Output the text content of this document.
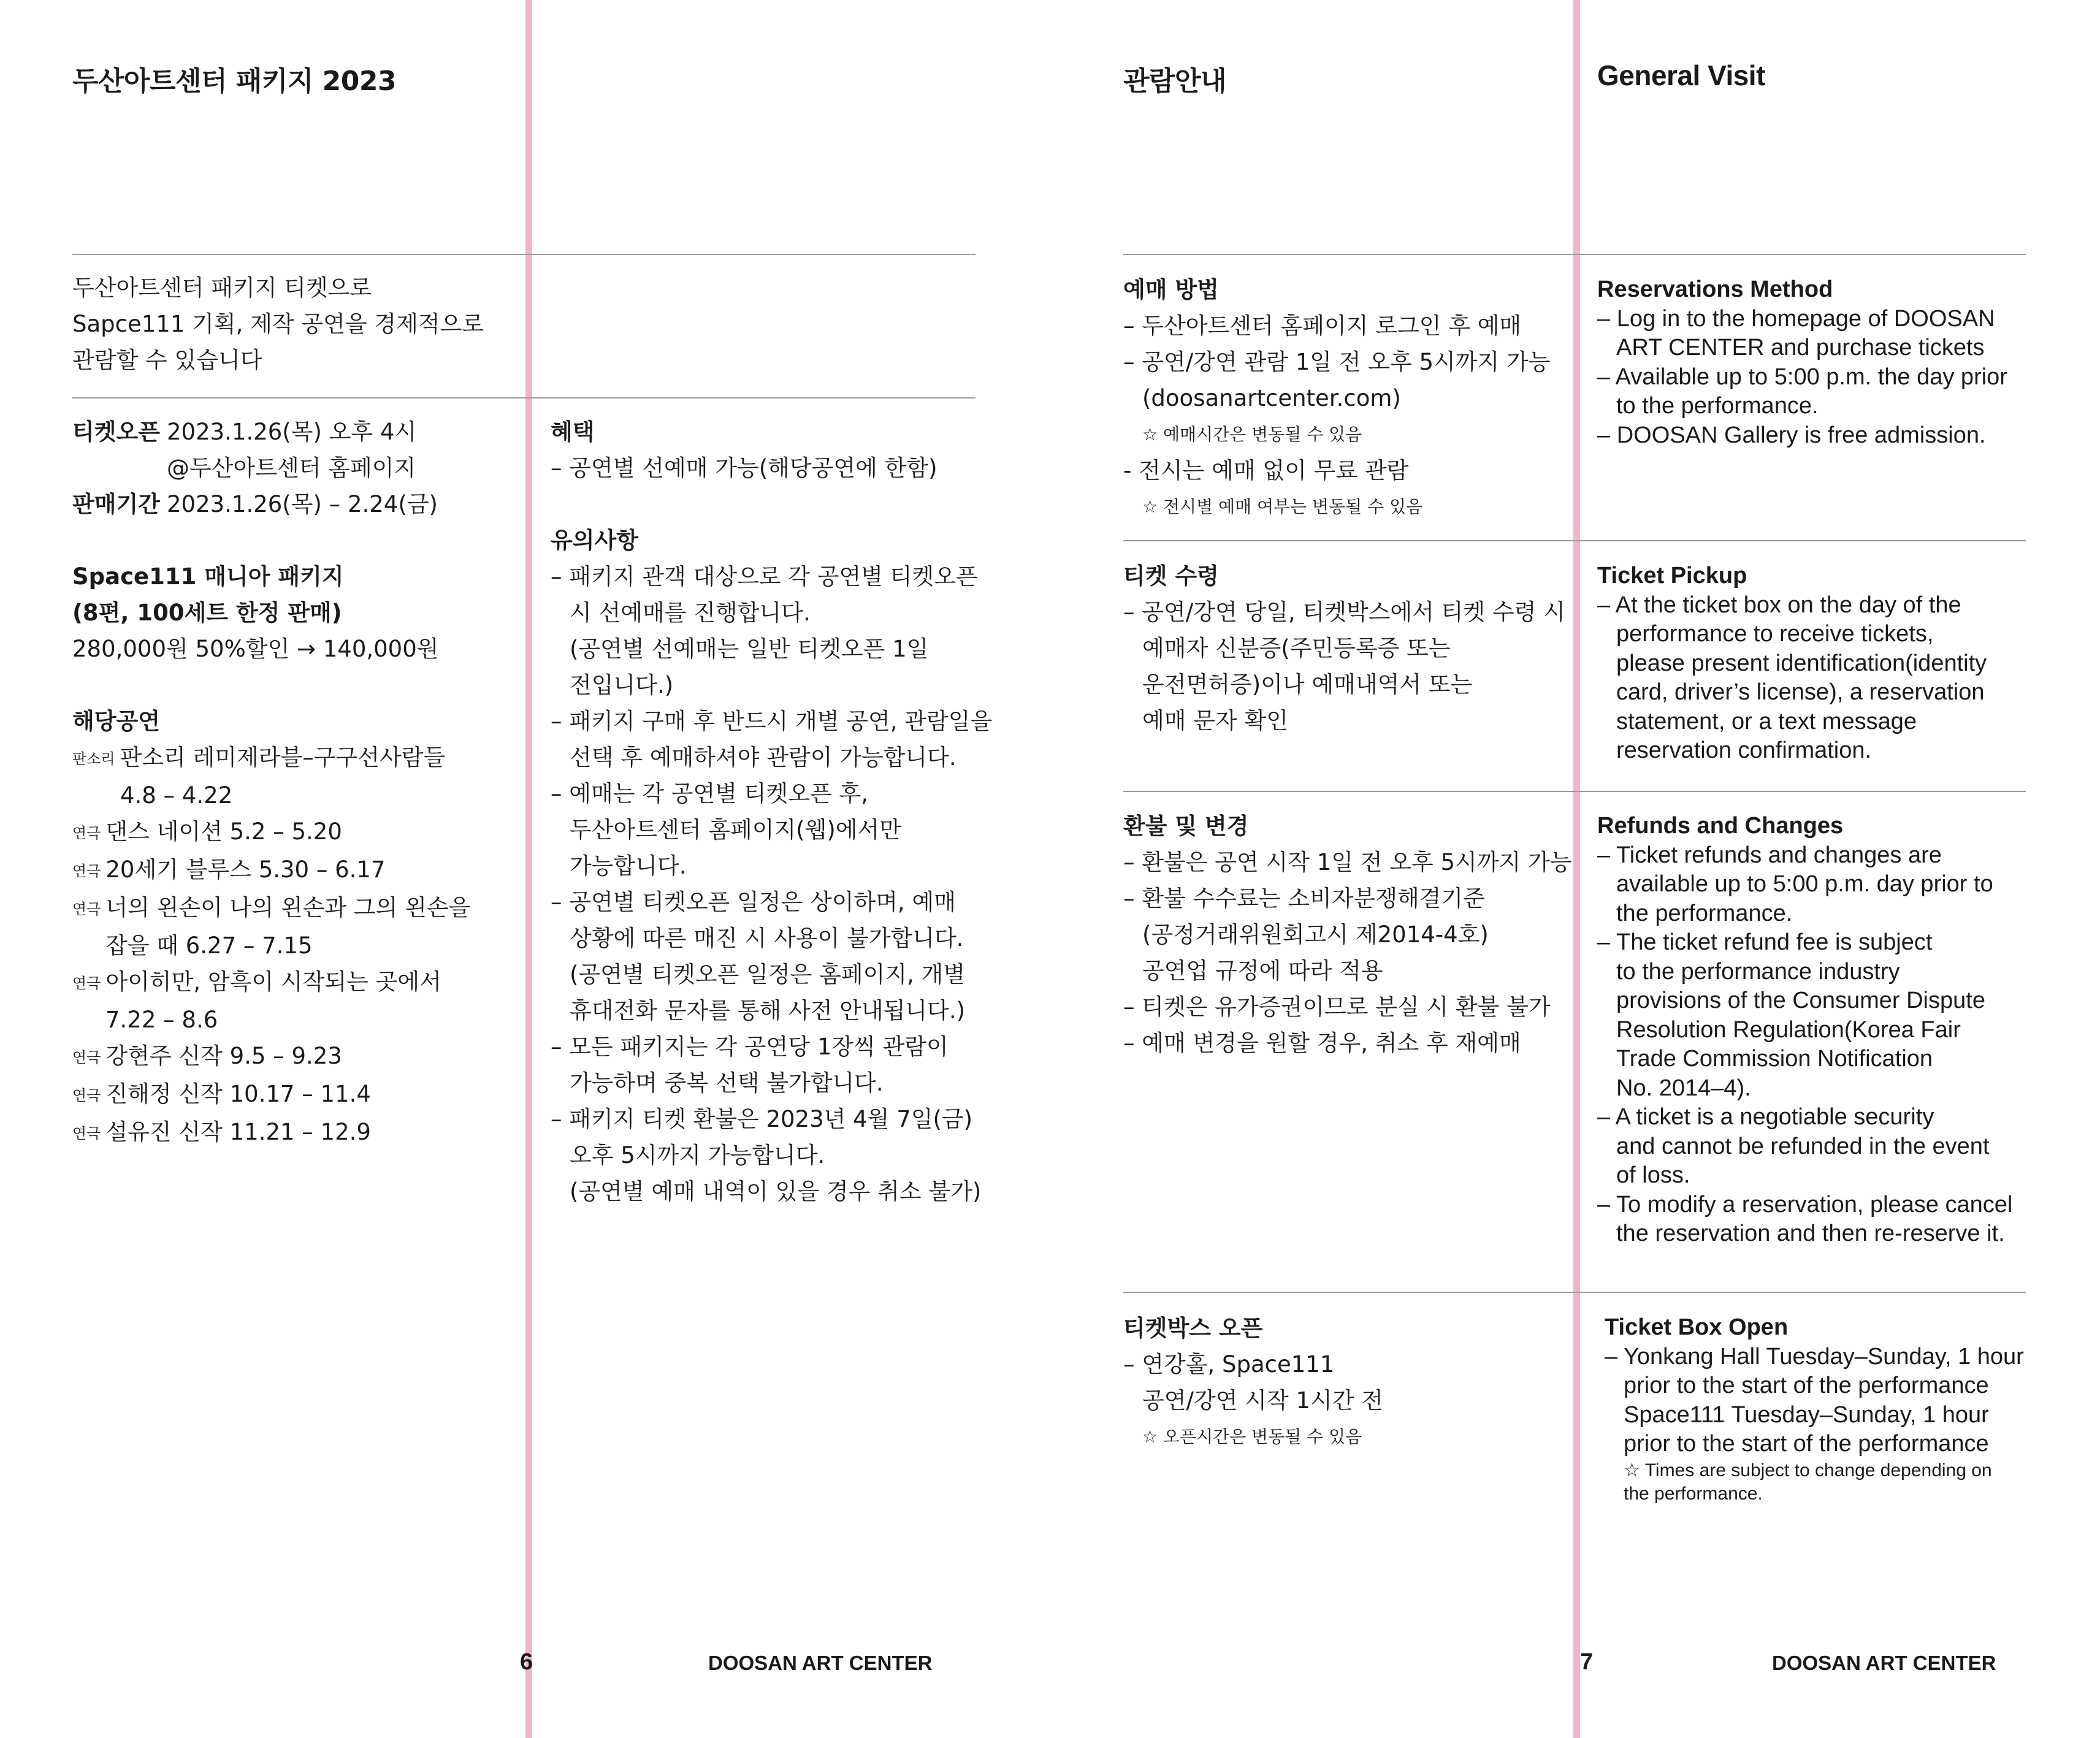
두산아트센터 패키지 2023
두산아트센터 패키지 티켓으로
Sapce111 기획, 제작 공연을 경제적으로
관람할 수 있습니다
티켓오픈 2023.1.26(목) 오후 4시
@두산아트센터 홈페이지
판매기간 2023.1.26(목) – 2.24(금)
Space111 매니아 패키지
(8편, 100세트 한정 판매)
280,000원 50%할인 → 140,000원
해당공연
판소리 판소리 레미제라블–구구선사람들
4.8 – 4.22
연극 댄스 네이션 5.2 – 5.20
연극 20세기 블루스 5.30 – 6.17
연극 너의 왼손이 나의 왼손과 그의 왼손을
잡을 때 6.27 – 7.15
연극 아이히만, 암흑이 시작되는 곳에서
7.22 – 8.6
연극 강현주 신작 9.5 – 9.23
연극 진해정 신작 10.17 – 11.4
연극 설유진 신작 11.21 – 12.9
혜택
– 공연별 선예매 가능(해당공연에 한함)
유의사항
– 패키지 관객 대상으로 각 공연별 티켓오픈
시 선예매를 진행합니다.
(공연별 선예매는 일반 티켓오픈 1일
전입니다.)
– 패키지 구매 후 반드시 개별 공연, 관람일을
선택 후 예매하셔야 관람이 가능합니다.
– 예매는 각 공연별 티켓오픈 후,
두산아트센터 홈페이지(웹)에서만
가능합니다.
– 공연별 티켓오픈 일정은 상이하며, 예매
상황에 따른 매진 시 사용이 불가합니다.
(공연별 티켓오픈 일정은 홈페이지, 개별
휴대전화 문자를 통해 사전 안내됩니다.)
– 모든 패키지는 각 공연당 1장씩 관람이
가능하며 중복 선택 불가합니다.
– 패키지 티켓 환불은 2023년 4월 7일(금)
오후 5시까지 가능합니다.
(공연별 예매 내역이 있을 경우 취소 불가)
6	DOOSAN ART CENTER
관람안내	General Visit
예매 방법
– 두산아트센터 홈페이지 로그인 후 예매
– 공연/강연 관람 1일 전 오후 5시까지 가능
(doosanartcenter.com)
☆ 예매시간은 변동될 수 있음
- 전시는 예매 없이 무료 관람
☆ 전시별 예매 여부는 변동될 수 있음
티켓 수령
– 공연/강연 당일, 티켓박스에서 티켓 수령 시
예매자 신분증(주민등록증 또는
운전면허증)이나 예매내역서 또는
예매 문자 확인
환불 및 변경
– 환불은 공연 시작 1일 전 오후 5시까지 가능
– 환불 수수료는 소비자분쟁해결기준
(공정거래위원회고시 제2014-4호)
공연업 규정에 따라 적용
– 티켓은 유가증권이므로 분실 시 환불 불가
– 예매 변경을 원할 경우, 취소 후 재예매
티켓박스 오픈
– 연강홀, Space111
공연/강연 시작 1시간 전
☆ 오픈시간은 변동될 수 있음
Reservations Method
– Log in to the homepage of DOOSAN
ART CENTER and purchase tickets
– Available up to 5:00 p.m. the day prior
to the performance.
– DOOSAN Gallery is free admission.
Ticket Pickup
– At the ticket box on the day of the
performance to receive tickets,
please present identification(identity
card, driver’s license), a reservation
statement, or a text message
reservation confirmation.
Refunds and Changes
– Ticket refunds and changes are
available up to 5:00 p.m. day prior to
the performance.
– The ticket refund fee is subject
to the performance industry
provisions of the Consumer Dispute
Resolution Regulation(Korea Fair
Trade Commission Notification
No. 2014–4).
– A ticket is a negotiable security
and cannot be refunded in the event
of loss.
– To modify a reservation, please cancel
the reservation and then re-reserve it.
Ticket Box Open
– Yonkang Hall Tuesday–Sunday, 1 hour
prior to the start of the performance
Space111 Tuesday–Sunday, 1 hour
prior to the start of the performance
☆ Times are subject to change depending on
the performance.
7	DOOSAN ART CENTER
